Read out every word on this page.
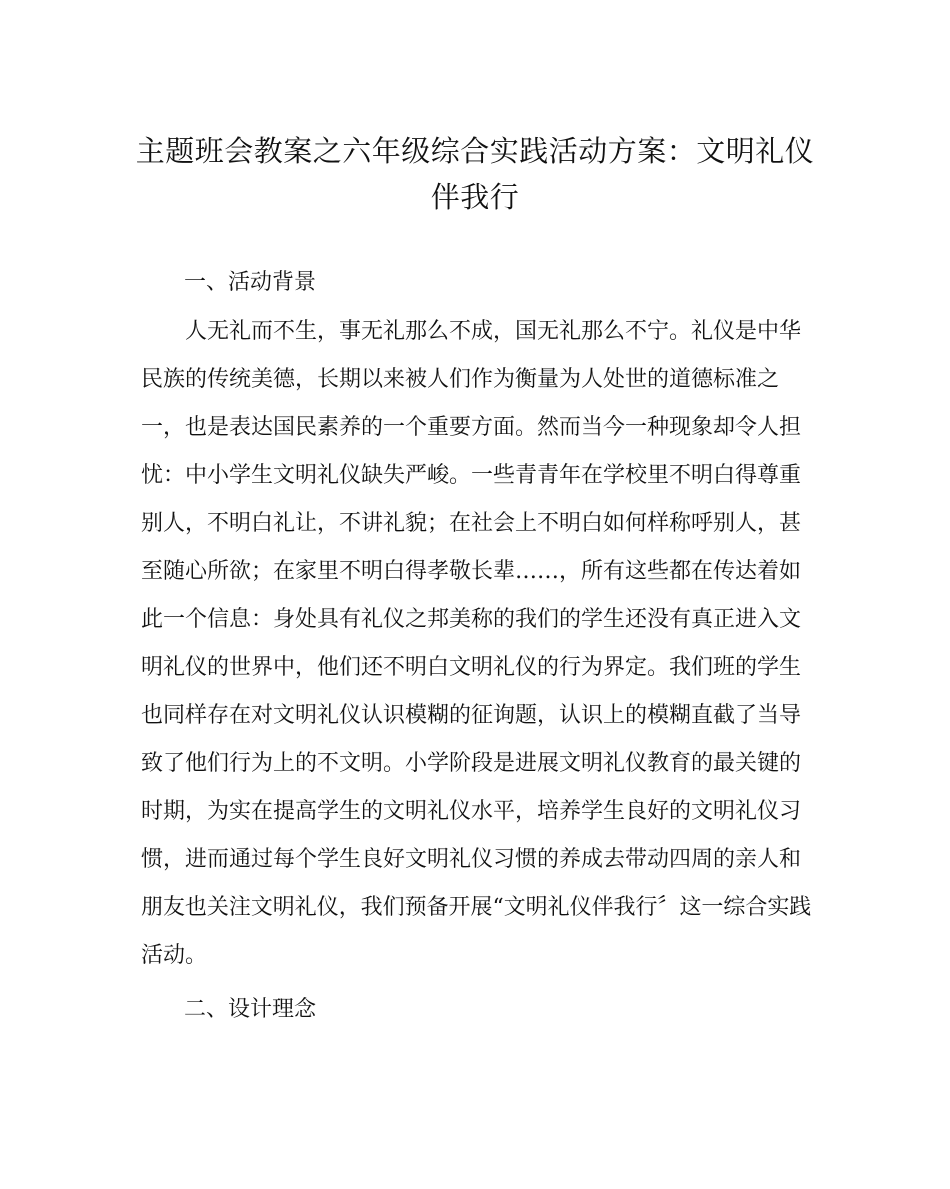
主题班会教案之六年级综合实践活动方案：文明礼仪
伴我行
一、活动背景
人无礼而不生，事无礼那么不成，国无礼那么不宁。礼仪是中华
民族的传统美德，长期以来被人们作为衡量为人处世的道德标准之
一，也是表达国民素养的一个重要方面。然而当今一种现象却令人担
忧：中小学生文明礼仪缺失严峻。一些青青年在学校里不明白得尊重
别人，不明白礼让，不讲礼貌；在社会上不明白如何样称呼别人，甚
至随心所欲；在家里不明白得孝敬长辈……，所有这些都在传达着如
此一个信息：身处具有礼仪之邦美称的我们的学生还没有真正进入文
明礼仪的世界中，他们还不明白文明礼仪的行为界定。我们班的学生
也同样存在对文明礼仪认识模糊的征询题，认识上的模糊直截了当导
致了他们行为上的不文明。小学阶段是进展文明礼仪教育的最关键的
时期，为实在提高学生的文明礼仪水平，培养学生良好的文明礼仪习
惯，进而通过每个学生良好文明礼仪习惯的养成去带动四周的亲人和
朋友也关注文明礼仪，我们预备开展“文明礼仪伴我行〞这一综合实践
活动。
二、设计理念
